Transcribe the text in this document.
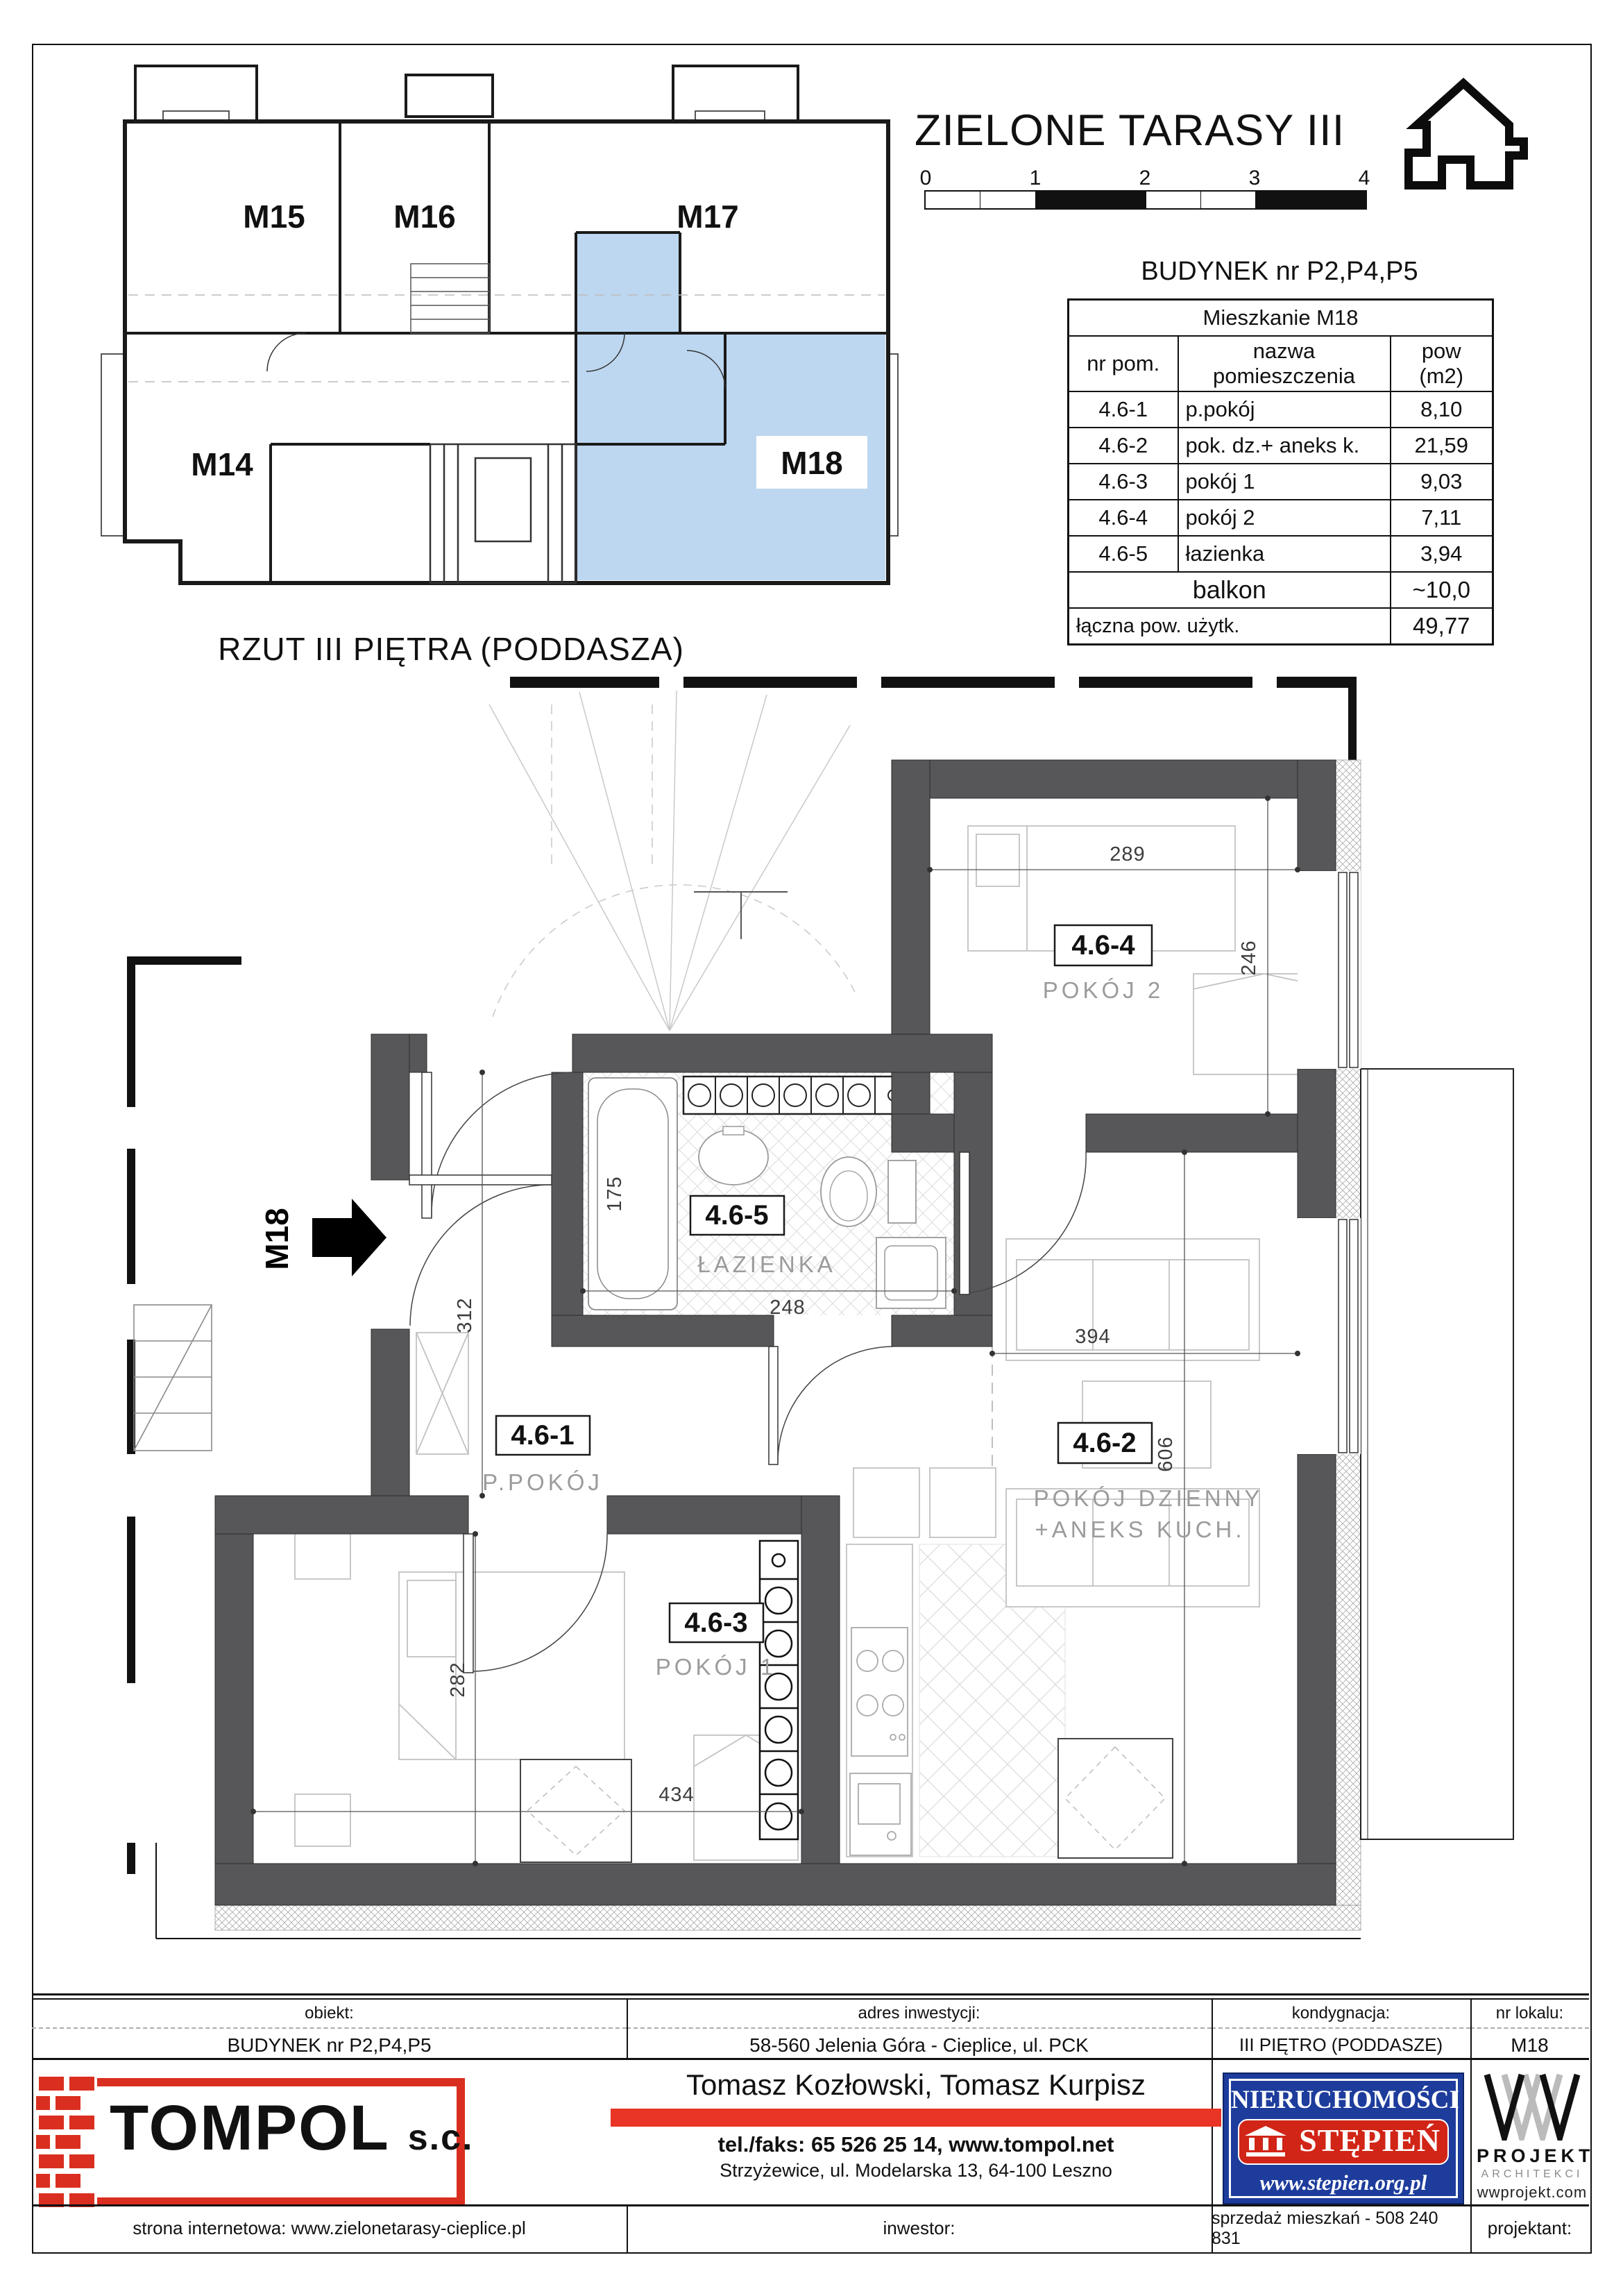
ZIELONE TARASY III
0	1	2	3	4
BUDYNEK nr P2,P4,P5
Mieszkanie M18		
nr pom.	nazwa pomieszczenia	pow (m2)
4.6-1	p.pokój	8,10
4.6-2	pok. dz.+ aneks k.	21,59
4.6-3	pokój 1	9,03
4.6-4	pokój 2	7,11
4.6-5	łazienka	3,94
balkon		~10,0
łączna pow. użytk.		49,77
M15	M16	M17
M14	M18
RZUT III PIĘTRA (PODDASZA)
289
246
394
606
312	248
175
282
434
4.6-5
ŁAZIENKA
4.6-1
P.POKÓJ
4.6-3
POKÓJ 1
4.6-2
POKÓJ DZIENNY
+ANEKS KUCH.
4.6-4
POKÓJ 2
M18
obiekt:
BUDYNEK nr P2,P4,P5
adres inwestycji:
58-560 Jelenia Góra - Cieplice, ul. PCK
kondygnacja:
III PIĘTRO (PODDASZE)
nr lokalu:
M18
TOMPOL s.c.
Tomasz Kozłowski, Tomasz Kurpisz
tel./faks: 65 526 25 14, www.tompol.net
Strzyżewice, ul. Modelarska 13, 64-100 Leszno
NIERUCHOMOŚCI
STĘPIEŃ
www.stepien.org.pl
PROJEKT
ARCHITEKCI
wwprojekt.com
strona internetowa: www.zielonetarasy-cieplice.pl	inwestor:	sprzedaż mieszkań - 508 240 831	projektant:
